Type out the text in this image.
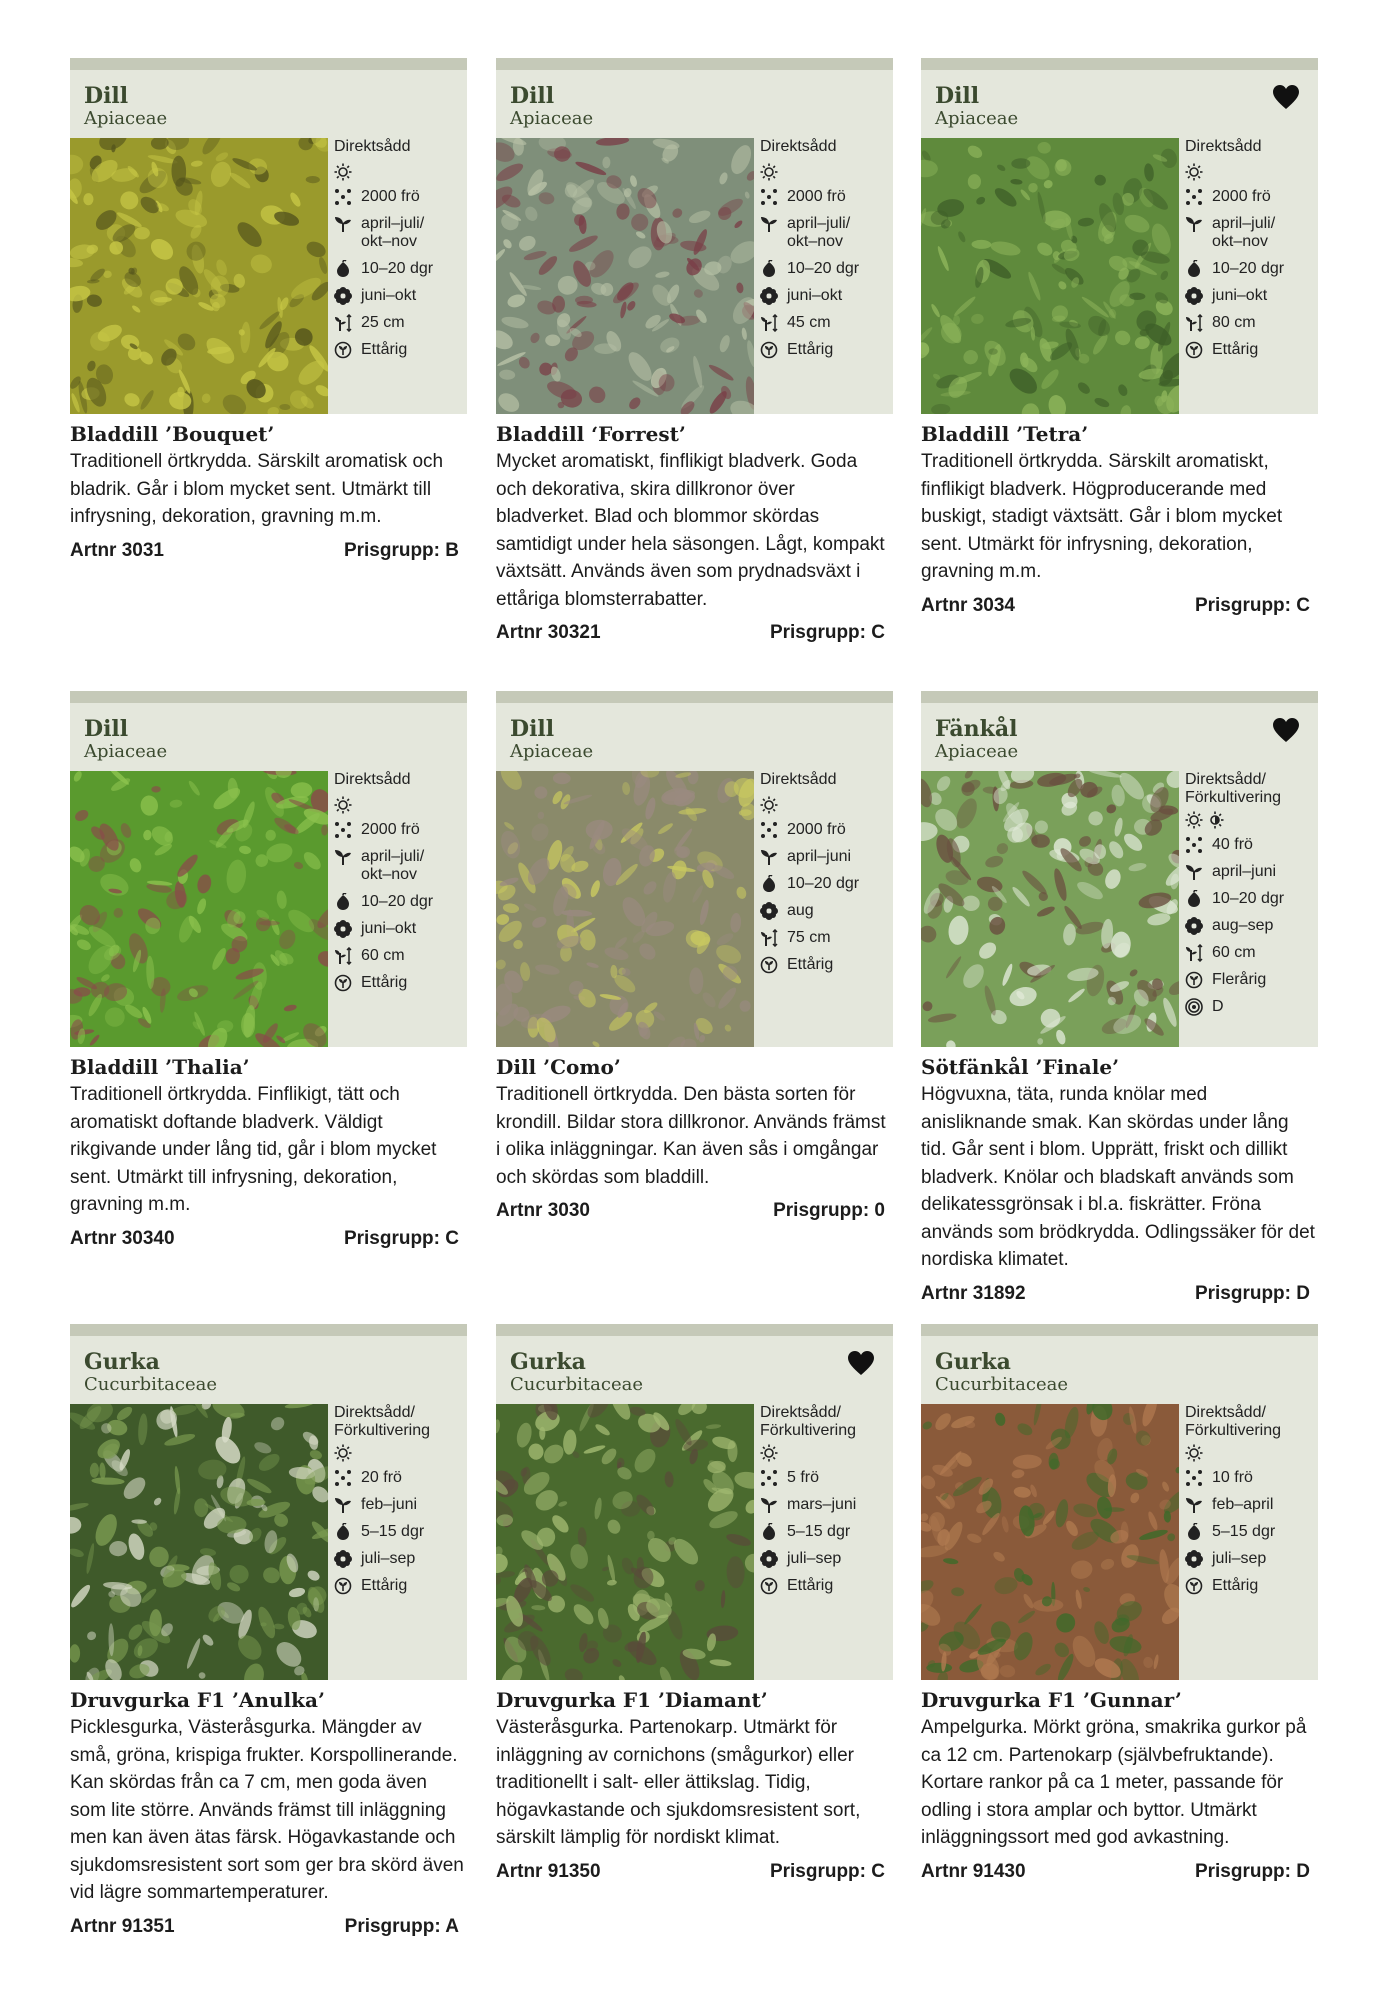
Dill
Apiaceae
Direktsådd
2000 frö
april–juli/
okt–nov
10–20 dgr
juni–okt
25 cm
Ettårig
Bladdill ’Bouquet’
Traditionell örtkrydda. Särskilt aromatisk och bladrik. Går i blom mycket sent. Utmärkt till infrysning, dekoration, gravning m.m.
Artnr 3031	Prisgrupp: B
Dill
Apiaceae
Direktsådd
2000 frö
april–juli/
okt–nov
10–20 dgr
juni–okt
45 cm
Ettårig
Bladdill ‘Forrest’
Mycket aromatiskt, finflikigt bladverk. Goda och dekorativa, skira dillkronor över bladverket. Blad och blommor skördas samtidigt under hela säsongen. Lågt, kompakt växtsätt. Används även som prydnadsväxt i ettåriga blomsterrabatter.
Artnr 30321	Prisgrupp: C
Dill
Apiaceae
Direktsådd
2000 frö
april–juli/
okt–nov
10–20 dgr
juni–okt
80 cm
Ettårig
Bladdill ’Tetra’
Traditionell örtkrydda. Särskilt aromatiskt, finflikigt bladverk. Högproducerande med buskigt, stadigt växtsätt. Går i blom mycket sent. Utmärkt för infrysning, dekoration, gravning m.m.
Artnr 3034	Prisgrupp: C
Dill
Apiaceae
Direktsådd
2000 frö
april–juli/
okt–nov
10–20 dgr
juni–okt
60 cm
Ettårig
Bladdill ’Thalia’
Traditionell örtkrydda. Finflikigt, tätt och aromatiskt doftande bladverk. Väldigt rikgivande under lång tid, går i blom mycket sent. Utmärkt till infrysning, dekoration, gravning m.m.
Artnr 30340	Prisgrupp: C
Dill
Apiaceae
Direktsådd
2000 frö
april–juni
10–20 dgr
aug
75 cm
Ettårig
Dill ’Como’
Traditionell örtkrydda. Den bästa sorten för krondill. Bildar stora dillkronor. Används främst i olika inläggningar. Kan även sås i omgångar och skördas som bladdill.
Artnr 3030	Prisgrupp: 0
Fänkål
Apiaceae
Direktsådd/
Förkultivering
40 frö
april–juni
10–20 dgr
aug–sep
60 cm
Flerårig
D
Sötfänkål ’Finale’
Högvuxna, täta, runda knölar med anisliknande smak. Kan skördas under lång tid. Går sent i blom. Upprätt, friskt och dillikt bladverk. Knölar och bladskaft används som delikatessgrönsak i bl.a. fiskrätter. Fröna används som brödkrydda. Odlingssäker för det nordiska klimatet.
Artnr 31892	Prisgrupp: D
Gurka
Cucurbitaceae
Direktsådd/
Förkultivering
20 frö
feb–juni
5–15 dgr
juli–sep
Ettårig
Druvgurka F1 ’Anulka’
Picklesgurka, Västeråsgurka. Mängder av små, gröna, krispiga frukter. Korspollinerande. Kan skördas från ca 7 cm, men goda även som lite större. Används främst till inläggning men kan även ätas färsk. Högavkastande och sjukdomsresistent sort som ger bra skörd även vid lägre sommartemperaturer.
Artnr 91351	Prisgrupp: A
Gurka
Cucurbitaceae
Direktsådd/
Förkultivering
5 frö
mars–juni
5–15 dgr
juli–sep
Ettårig
Druvgurka F1 ’Diamant’
Västeråsgurka. Partenokarp. Utmärkt för inläggning av cornichons (smågurkor) eller traditionellt i salt- eller ättikslag. Tidig, högavkastande och sjukdomsresistent sort, särskilt lämplig för nordiskt klimat.
Artnr 91350	Prisgrupp: C
Gurka
Cucurbitaceae
Direktsådd/
Förkultivering
10 frö
feb–april
5–15 dgr
juli–sep
Ettårig
Druvgurka F1 ’Gunnar’
Ampelgurka. Mörkt gröna, smakrika gurkor på ca 12 cm. Partenokarp (självbefruktande). Kortare rankor på ca 1 meter, passande för odling i stora amplar och byttor. Utmärkt inläggningssort med god avkastning.
Artnr 91430	Prisgrupp: D
